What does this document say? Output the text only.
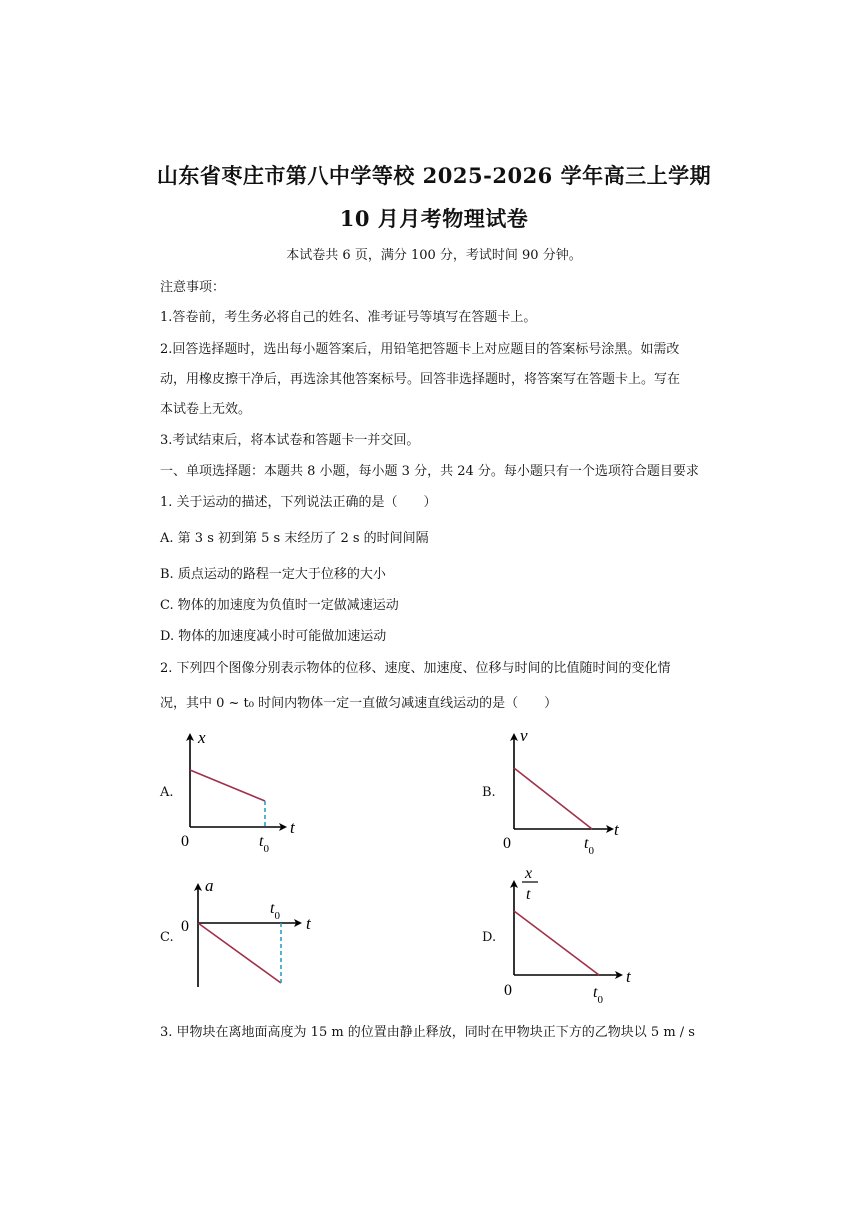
山东省枣庄市第八中学等校 2025-2026 学年高三上学期
10 月月考物理试卷
本试卷共 6 页，满分 100 分，考试时间 90 分钟。
注意事项：
1.答卷前，考生务必将自己的姓名、准考证号等填写在答题卡上。
2.回答选择题时，选出每小题答案后，用铅笔把答题卡上对应题目的答案标号涂黑。如需改
动，用橡皮擦干净后，再选涂其他答案标号。回答非选择题时，将答案写在答题卡上。写在
本试卷上无效。
3.考试结束后，将本试卷和答题卡一并交回。
一、单项选择题：本题共 8 小题，每小题 3 分，共 24 分。每小题只有一个选项符合题目要求
1. 关于运动的描述，下列说法正确的是（　　）
A. 第 3 s 初到第 5 s 末经历了 2 s 的时间间隔
B. 质点运动的路程一定大于位移的大小
C. 物体的加速度为负值时一定做减速运动
D. 物体的加速度减小时可能做加速运动
2. 下列四个图像分别表示物体的位移、速度、加速度、位移与时间的比值随时间的变化情
况，其中 0 ~ t₀ 时间内物体一定一直做匀减速直线运动的是（　　）
A.
x
t
0	$t_0$
B.
v
t
0	$t_0$
C.
a
t
0
$t_0$
D.
x
t
t
0	$t_0$
3. 甲物块在离地面高度为 15 m 的位置由静止释放，同时在甲物块正下方的乙物块以 5 m / s
